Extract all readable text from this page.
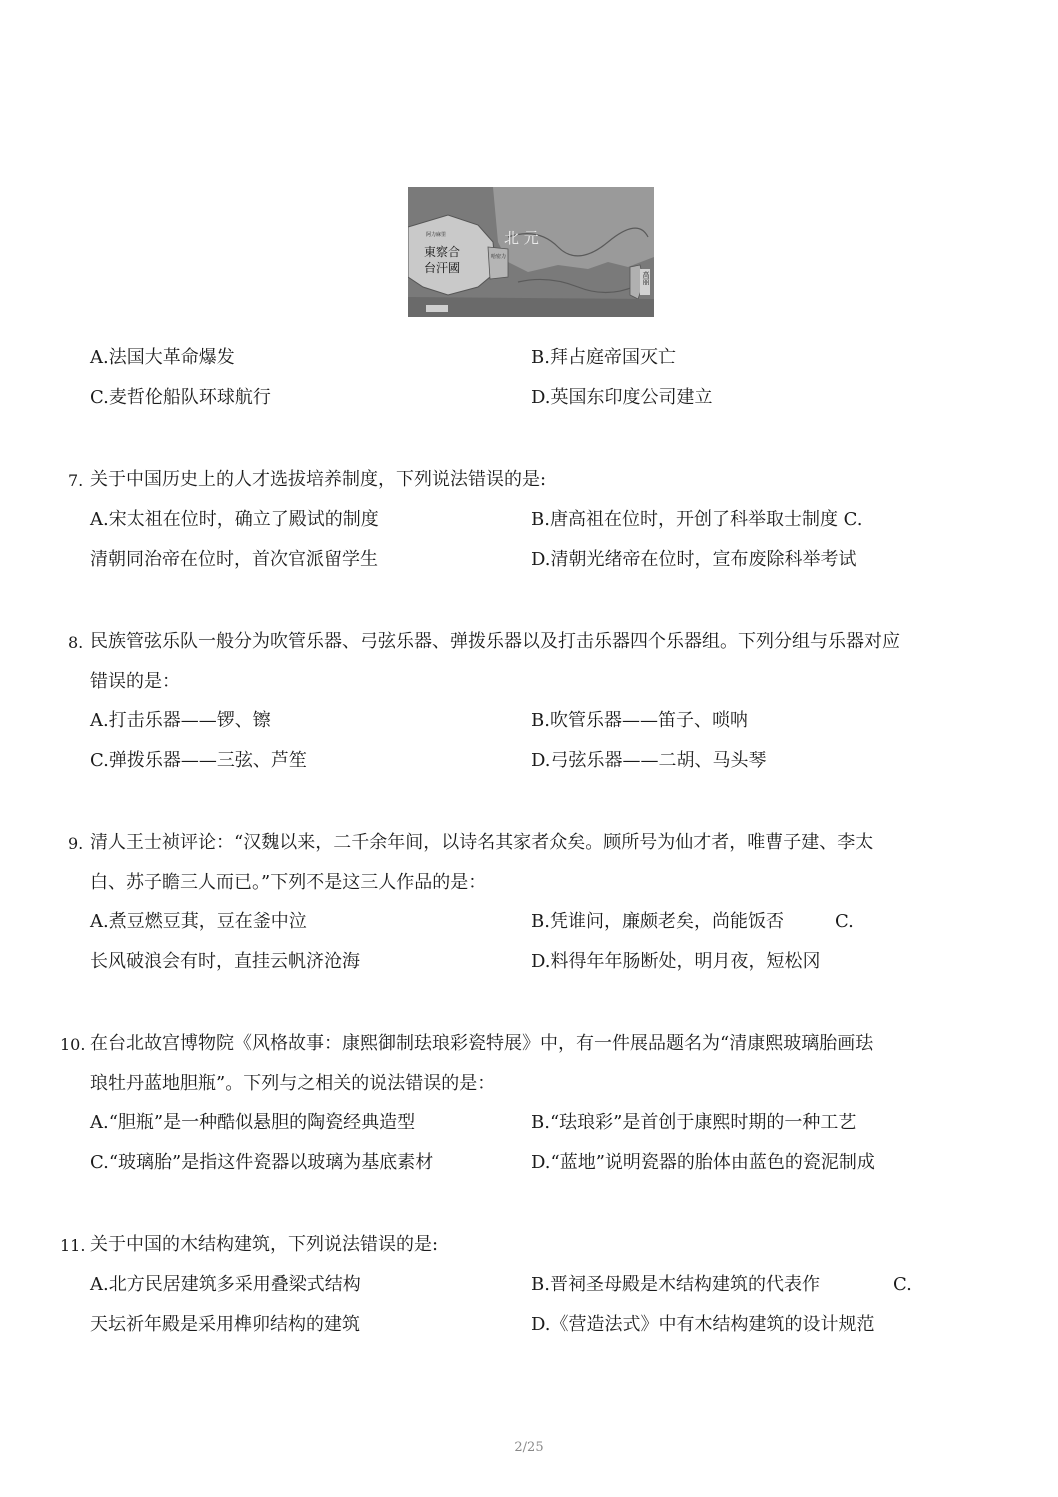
北 元
東察合
台汗國
阿力麻里
哈密力
高丽
A.法国大革命爆发	B.拜占庭帝国灭亡
C.麦哲伦船队环球航行	D.英国东印度公司建立
7. 关于中国历史上的人才选拔培养制度，下列说法错误的是:
A.宋太祖在位时，确立了殿试的制度	B.唐高祖在位时，开创了科举取士制度 C.
清朝同治帝在位时，首次官派留学生	D.清朝光绪帝在位时，宣布废除科举考试
8. 民族管弦乐队一般分为吹管乐器、弓弦乐器、弹拨乐器以及打击乐器四个乐器组。下列分组与乐器对应
错误的是：
A.打击乐器——锣、镲	B.吹管乐器——笛子、唢呐
C.弹拨乐器——三弦、芦笙	D.弓弦乐器——二胡、马头琴
9. 清人王士祯评论：“汉魏以来，二千余年间，以诗名其家者众矣。顾所号为仙才者，唯曹子建、李太
白、苏子瞻三人而已。”下列不是这三人作品的是：
A.煮豆燃豆萁，豆在釜中泣	B.凭谁问，廉颇老矣，尚能饭否	C.
长风破浪会有时，直挂云帆济沧海	D.料得年年肠断处，明月夜，短松冈
10. 在台北故宫博物院《风格故事：康熙御制珐琅彩瓷特展》中，有一件展品题名为“清康熙玻璃胎画珐
琅牡丹蓝地胆瓶”。下列与之相关的说法错误的是：
A.“胆瓶”是一种酷似悬胆的陶瓷经典造型	B.“珐琅彩”是首创于康熙时期的一种工艺
C.“玻璃胎”是指这件瓷器以玻璃为基底素材	D.“蓝地”说明瓷器的胎体由蓝色的瓷泥制成
11. 关于中国的木结构建筑，下列说法错误的是:
A.北方民居建筑多采用叠梁式结构	B.晋祠圣母殿是木结构建筑的代表作	C.
天坛祈年殿是采用榫卯结构的建筑	D.《营造法式》中有木结构建筑的设计规范
2/25
